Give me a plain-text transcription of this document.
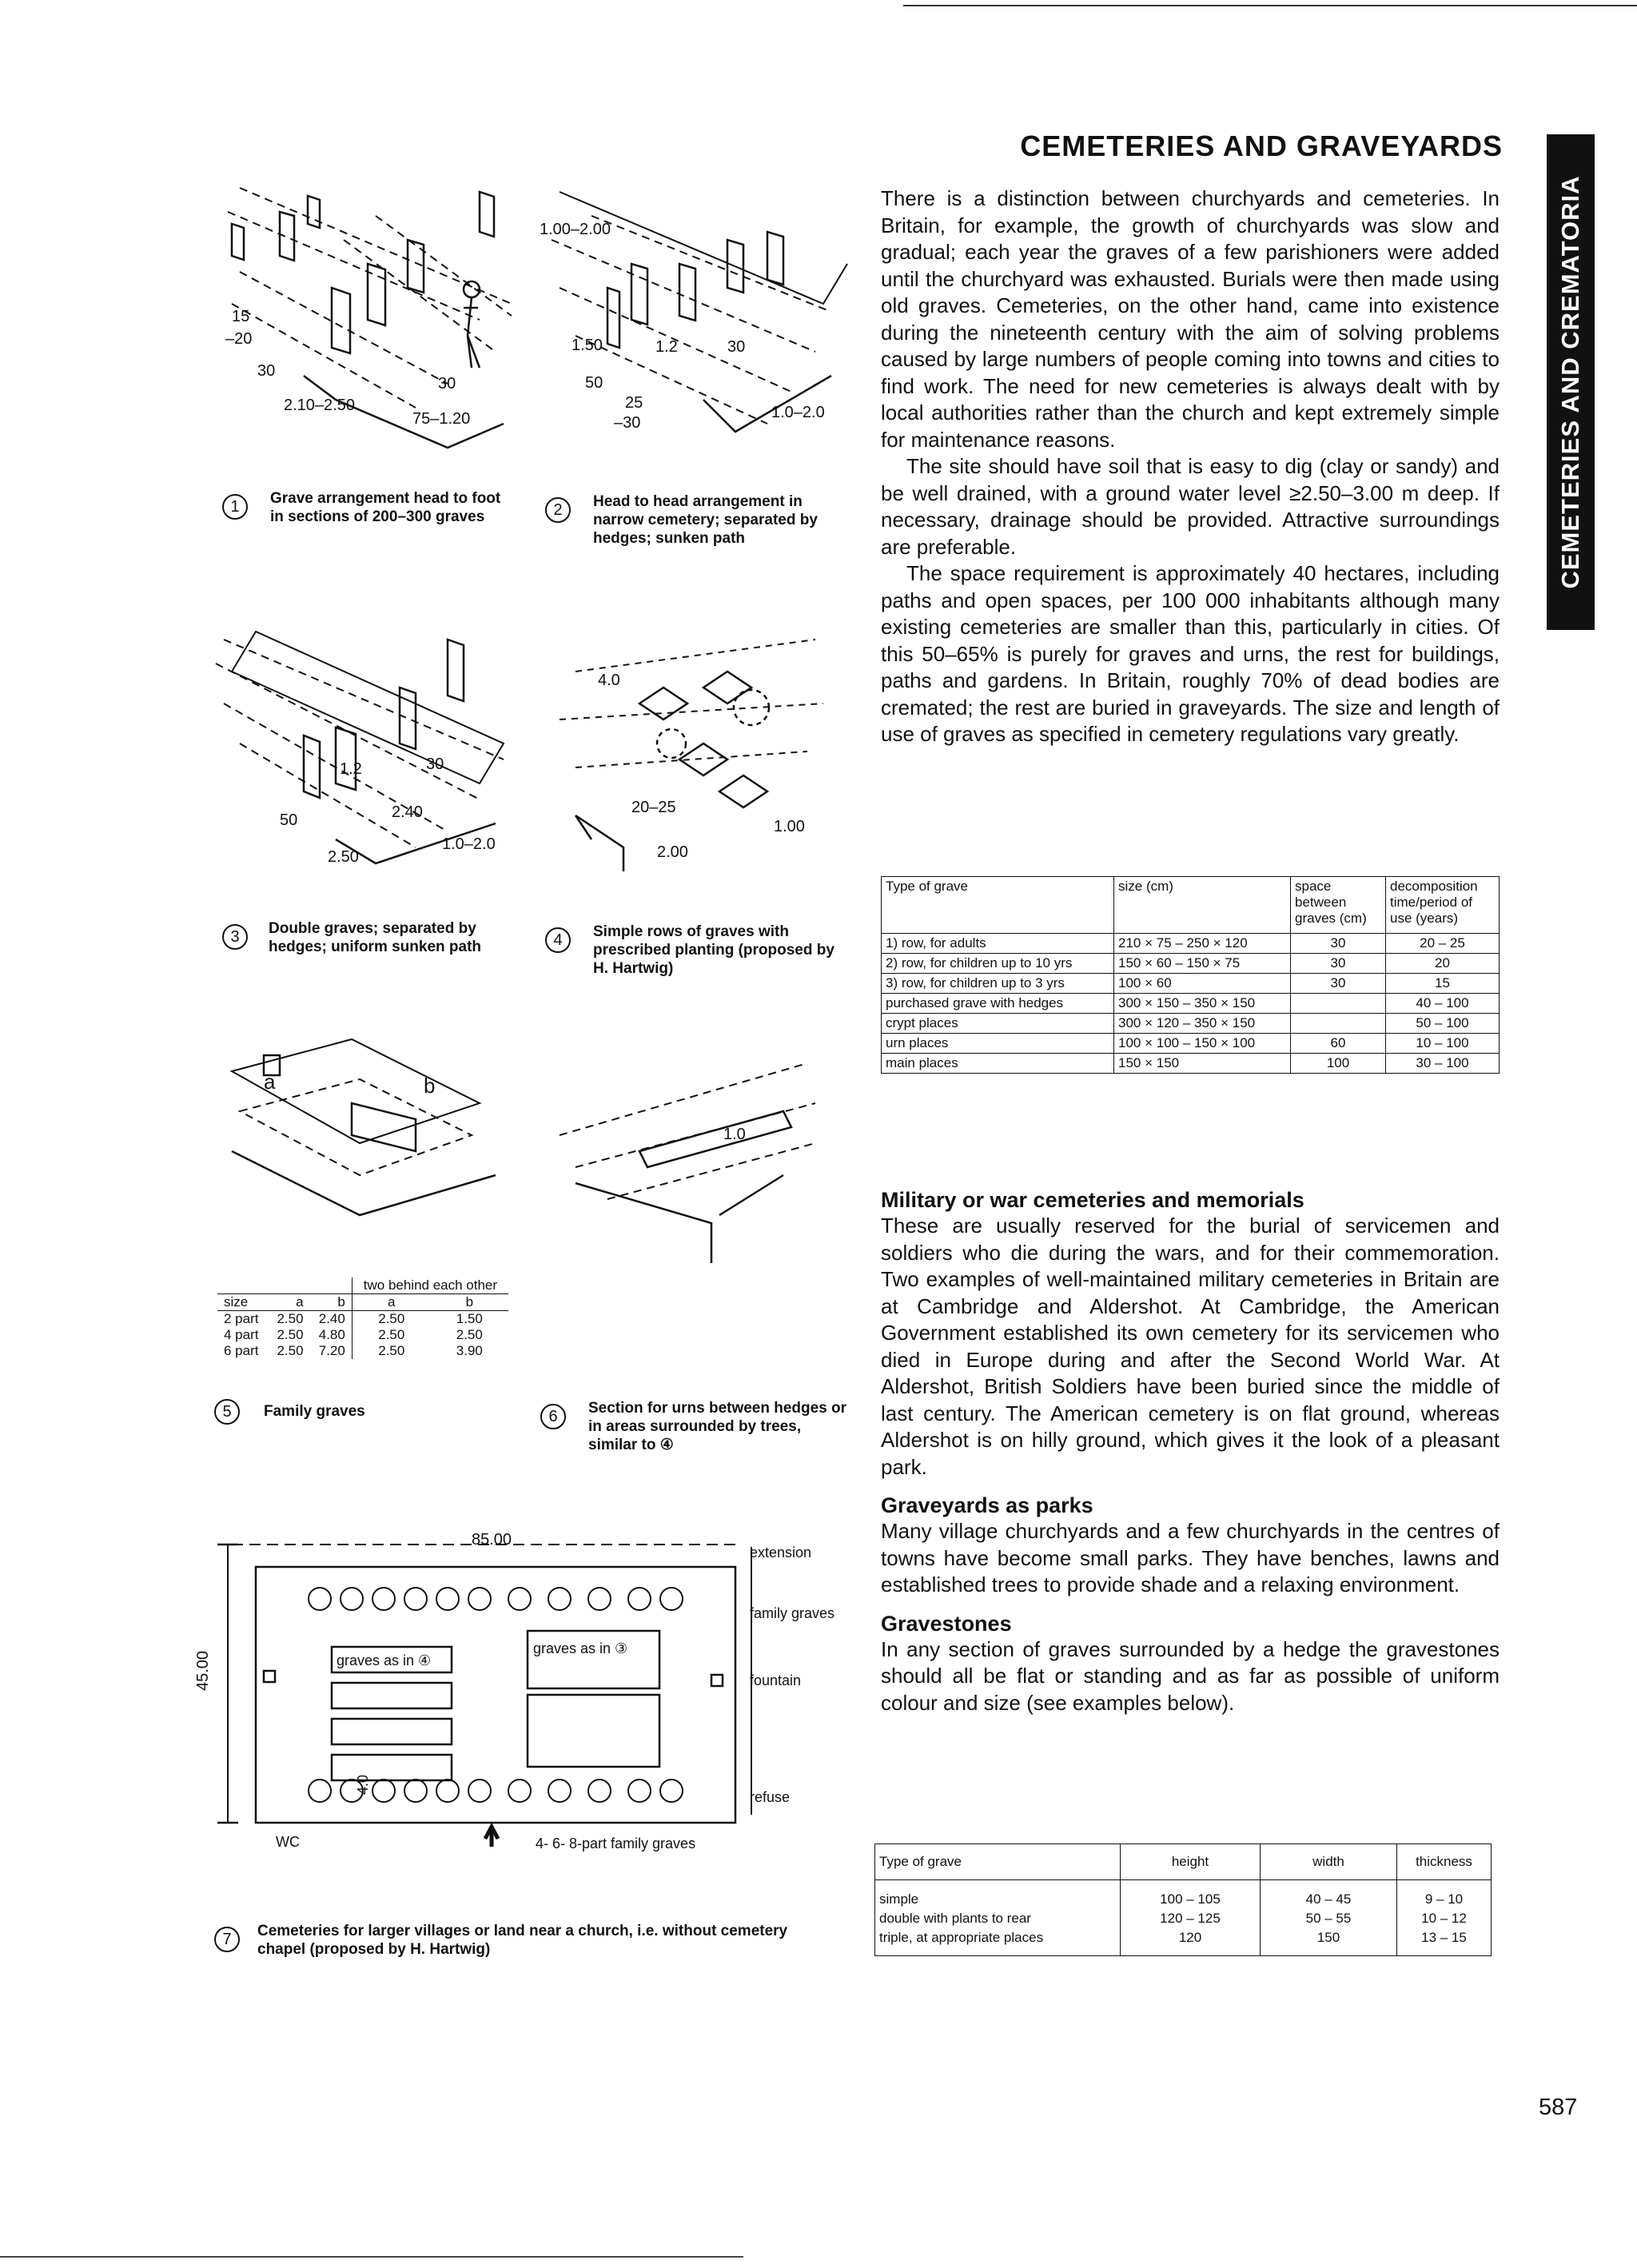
CEMETERIES AND GRAVEYARDS
CEMETERIES AND CREMATORIA

There is a distinction between churchyards and cemeteries. In Britain, for example, the growth of churchyards was slow and gradual; each year the graves of a few parishioners were added until the churchyard was exhausted. Burials were then made using old graves. Cemeteries, on the other hand, came into existence during the nineteenth century with the aim of solving problems caused by large numbers of people coming into towns and cities to find work. The need for new cemeteries is always dealt with by local authorities rather than the church and kept extremely simple for maintenance reasons.

The site should have soil that is easy to dig (clay or sandy) and be well drained, with a ground water level ≥2.50–3.00 m deep. If necessary, drainage should be provided. Attractive surroundings are preferable.

The space requirement is approximately 40 hectares, including paths and open spaces, per 100 000 inhabitants although many existing cemeteries are smaller than this, particularly in cities. Of this 50–65% is purely for graves and urns, the rest for buildings, paths and gardens. In Britain, roughly 70% of dead bodies are cremated; the rest are buried in graveyards. The size and length of use of graves as specified in cemetery regulations vary greatly.

Type of grave	size (cm)	space between graves (cm)	decomposition time/period of use (years)
1) row, for adults	210 × 75 – 250 × 120	30	20 – 25
2) row, for children up to 10 yrs	150 × 60 – 150 × 75	30	20
3) row, for children up to 3 yrs	100 × 60	30	15
purchased grave with hedges	300 × 150 – 350 × 150		40 – 100
crypt places	300 × 120 – 350 × 150		50 – 100
urn places	100 × 100 – 150 × 100	60	10 – 100
main places	150 × 150	100	30 – 100
Military or war cemeteries and memorials

These are usually reserved for the burial of servicemen and soldiers who die during the wars, and for their commemoration. Two examples of well-maintained military cemeteries in Britain are at Cambridge and Aldershot. At Cambridge, the American Government established its own cemetery for its servicemen who died in Europe during and after the Second World War. At Aldershot, British Soldiers have been buried since the middle of last century. The American cemetery is on flat ground, whereas Aldershot is on hilly ground, which gives it the look of a pleasant park.

Graveyards as parks

Many village churchyards and a few churchyards in the centres of towns have become small parks. They have benches, lawns and established trees to provide shade and a relaxing environment.

Gravestones

In any section of graves surrounded by a hedge the gravestones should all be flat or standing and as far as possible of uniform colour and size (see examples below).

Type of grave	height	width	thickness
simple	100 – 105	40 – 45	9 – 10
double with plants to rear	120 – 125	50 – 55	10 – 12
triple, at appropriate places	120	150	13 – 15
15
–20
30
2.10–2.50
30
75–1.20
1.00–2.00
1.50	1.2	30
50
25
–30
1.0–2.0
1.2	30
50	2.40
2.50
1.0–2.0
4.0
20–25
1.00
2.00
a	b
1.0
85.00
45.00	graves as in ④
graves as in ③
4.0
WC
extension
family graves
fountain
refuse
4- 6- 8-part family graves
1	Grave arrangement head to foot in sections of 200–300 graves	2	Head to head arrangement in narrow cemetery; separated by hedges; sunken path
3	Double graves; separated by hedges; uniform sunken path	4	Simple rows of graves with prescribed planting (proposed by H. Hartwig)
5	Family graves	6	Section for urns between hedges or in areas surrounded by trees, similar to ④
7	Cemeteries for larger villages or land near a church, i.e. without cemetery chapel (proposed by H. Hartwig)
			two behind each other	
size	a	b	a	b
2 part	2.50	2.40	2.50	1.50
4 part	2.50	4.80	2.50	2.50
6 part	2.50	7.20	2.50	3.90
587
